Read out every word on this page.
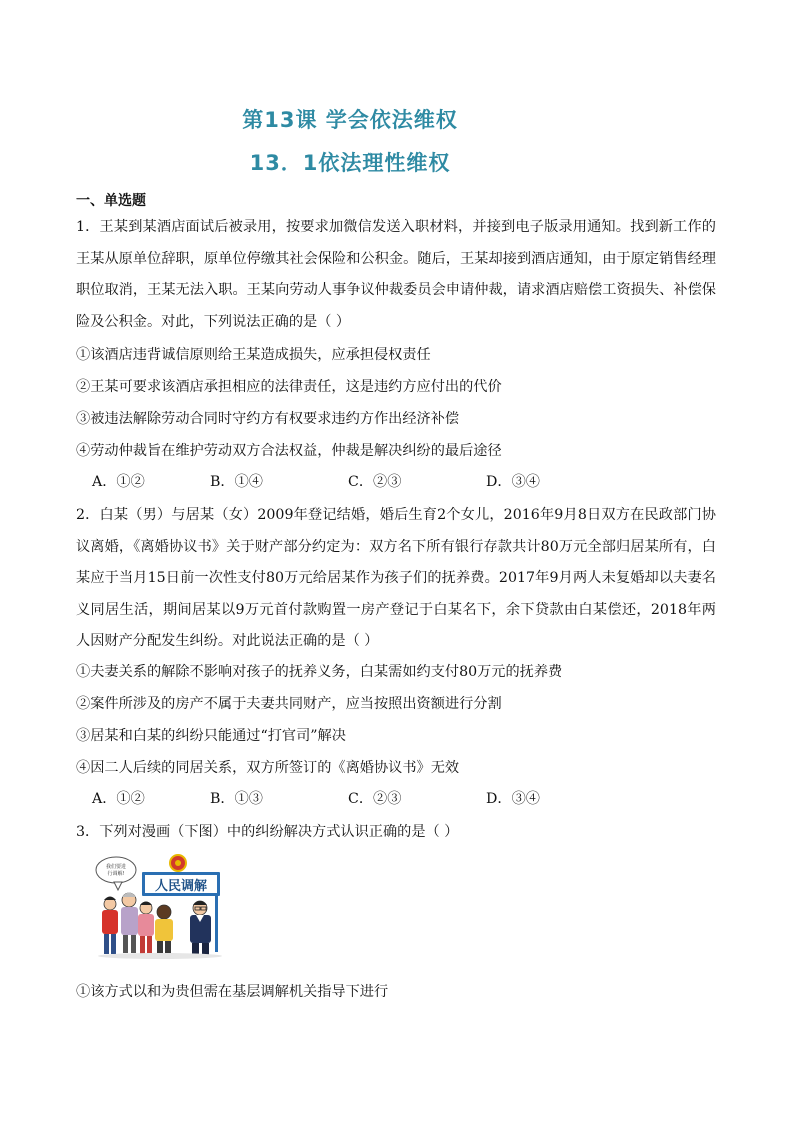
第13课 学会依法维权
13．1依法理性维权
一、单选题
1．王某到某酒店面试后被录用，按要求加微信发送入职材料，并接到电子版录用通知。找到新工作的王某从原单位辞职，原单位停缴其社会保险和公积金。随后，王某却接到酒店通知，由于原定销售经理职位取消，王某无法入职。王某向劳动人事争议仲裁委员会申请仲裁，请求酒店赔偿工资损失、补偿保险及公积金。对此，下列说法正确的是（ ）
①该酒店违背诚信原则给王某造成损失，应承担侵权责任
②王某可要求该酒店承担相应的法律责任，这是违约方应付出的代价
③被违法解除劳动合同时守约方有权要求违约方作出经济补偿
④劳动仲裁旨在维护劳动双方合法权益，仲裁是解决纠纷的最后途径
A．①②	B．①④	C．②③	D．③④
2．白某（男）与居某（女）2009年登记结婚，婚后生育2个女儿，2016年9月8日双方在民政部门协议离婚，《离婚协议书》关于财产部分约定为：双方名下所有银行存款共计80万元全部归居某所有，白某应于当月15日前一次性支付80万元给居某作为孩子们的抚养费。2017年9月两人未复婚却以夫妻名义同居生活，期间居某以9万元首付款购置一房产登记于白某名下，余下贷款由白某偿还，2018年两人因财产分配发生纠纷。对此说法正确的是（ ）
①夫妻关系的解除不影响对孩子的抚养义务，白某需如约支付80万元的抚养费
②案件所涉及的房产不属于夫妻共同财产，应当按照出资额进行分割
③居某和白某的纠纷只能通过“打官司”解决
④因二人后续的同居关系，双方所签订的《离婚协议书》无效
A．①②	B．①③	C．②③	D．③④
3．下列对漫画（下图）中的纠纷解决方式认识正确的是（ ）
我们要进
行调解!
人民调解
①该方式以和为贵但需在基层调解机关指导下进行
